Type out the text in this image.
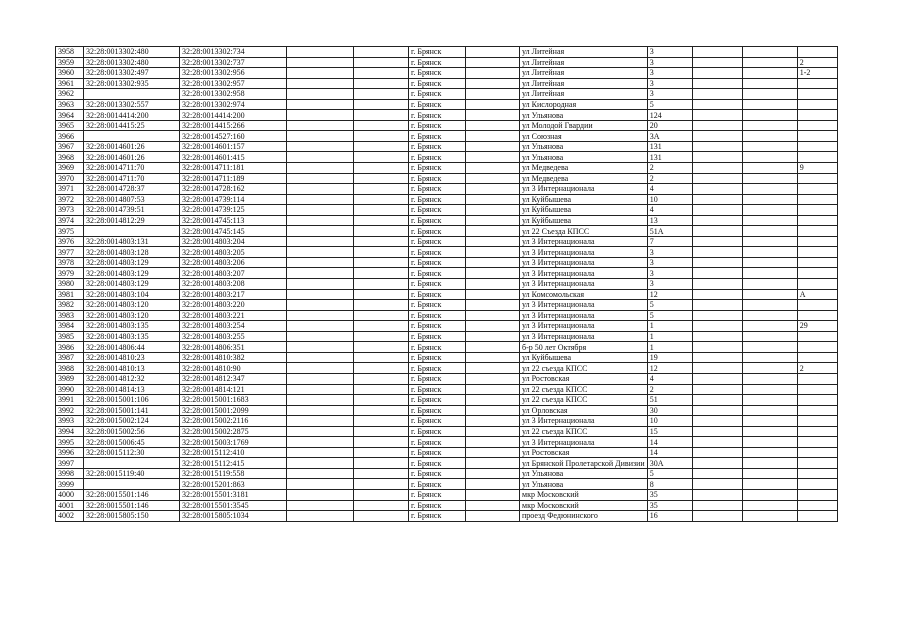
3958	32:28:0013302:480	32:28:0013302:734			г. Брянск		ул Литейная	3			
3959	32:28:0013302:480	32:28:0013302:737			г. Брянск		ул Литейная	3			2
3960	32:28:0013302:497	32:28:0013302:956			г. Брянск		ул Литейная	3			1-2
3961	32:28:0013302:935	32:28:0013302:957			г. Брянск		ул Литейная	3			
3962		32:28:0013302:958			г. Брянск		ул Литейная	3			
3963	32:28:0013302:557	32:28:0013302:974			г. Брянск		ул Кислородная	5			
3964	32:28:0014414:200	32:28:0014414:200			г. Брянск		ул Ульянова	124			
3965	32:28:0014415:25	32:28:0014415:266			г. Брянск		ул Молодой Гвардии	20			
3966		32:28:0014527:160			г. Брянск		ул Союзная	3А			
3967	32:28:0014601:26	32:28:0014601:157			г. Брянск		ул Ульянова	131			
3968	32:28:0014601:26	32:28:0014601:415			г. Брянск		ул Ульянова	131			
3969	32:28:0014711:70	32:28:0014711:181			г. Брянск		ул Медведева	2			9
3970	32:28:0014711:70	32:28:0014711:189			г. Брянск		ул Медведева	2			
3971	32:28:0014728:37	32:28:0014728:162			г. Брянск		ул 3 Интернационала	4			
3972	32:28:0014807:53	32:28:0014739:114			г. Брянск		ул Куйбышева	10			
3973	32:28:0014739:51	32:28:0014739:125			г. Брянск		ул Куйбышева	4			
3974	32:28:0014812:29	32:28:0014745:113			г. Брянск		ул Куйбышева	13			
3975		32:28:0014745:145			г. Брянск		ул 22 Съезда КПСС	51А			
3976	32:28:0014803:131	32:28:0014803:204			г. Брянск		ул 3 Интернационала	7			
3977	32:28:0014803:128	32:28:0014803:205			г. Брянск		ул 3 Интернационала	3			
3978	32:28:0014803:129	32:28:0014803:206			г. Брянск		ул 3 Интернационала	3			
3979	32:28:0014803:129	32:28:0014803:207			г. Брянск		ул 3 Интернационала	3			
3980	32:28:0014803:129	32:28:0014803:208			г. Брянск		ул 3 Интернационала	3			
3981	32:28:0014803:104	32:28:0014803:217			г. Брянск		ул Комсомольская	12			А
3982	32:28:0014803:120	32:28:0014803:220			г. Брянск		ул 3 Интернационала	5			
3983	32:28:0014803:120	32:28:0014803:221			г. Брянск		ул 3 Интернационала	5			
3984	32:28:0014803:135	32:28:0014803:254			г. Брянск		ул 3 Интернационала	1			29
3985	32:28:0014803:135	32:28:0014803:255			г. Брянск		ул 3 Интернационала	1			
3986	32:28:0014806:44	32:28:0014806:351			г. Брянск		б-р 50 лет Октября	1			
3987	32:28:0014810:23	32:28:0014810:382			г. Брянск		ул Куйбышева	19			
3988	32:28:0014810:13	32:28:0014810:90			г. Брянск		ул 22 съезда КПСС	12			2
3989	32:28:0014812:32	32:28:0014812:347			г. Брянск		ул Ростовская	4			
3990	32:28:0014814:13	32:28:0014814:121			г. Брянск		ул 22 съезда КПСС	2			
3991	32:28:0015001:106	32:28:0015001:1683			г. Брянск		ул 22 съезда КПСС	51			
3992	32:28:0015001:141	32:28:0015001:2099			г. Брянск		ул Орловская	30			
3993	32:28:0015002:124	32:28:0015002:2116			г. Брянск		ул 3 Интернационала	10			
3994	32:28:0015002:56	32:28:0015002:2875			г. Брянск		ул 22 съезда КПСС	15			
3995	32:28:0015006:45	32:28:0015003:1769			г. Брянск		ул 3 Интернационала	14			
3996	32:28:0015112:30	32:28:0015112:410			г. Брянск		ул Ростовская	14			
3997		32:28:0015112:415			г. Брянск		ул Брянской Пролетарской Дивизии	30А			
3998	32:28:0015119:40	32:28:0015119:558			г. Брянск		ул Ульянова	5			
3999		32:28:0015201:863			г. Брянск		ул Ульянова	8			
4000	32:28:0015501:146	32:28:0015501:3181			г. Брянск		мкр Московский	35			
4001	32:28:0015501:146	32:28:0015501:3545			г. Брянск		мкр Московский	35			
4002	32:28:0015805:150	32:28:0015805:1034			г. Брянск		проезд Федюнинского	16			
